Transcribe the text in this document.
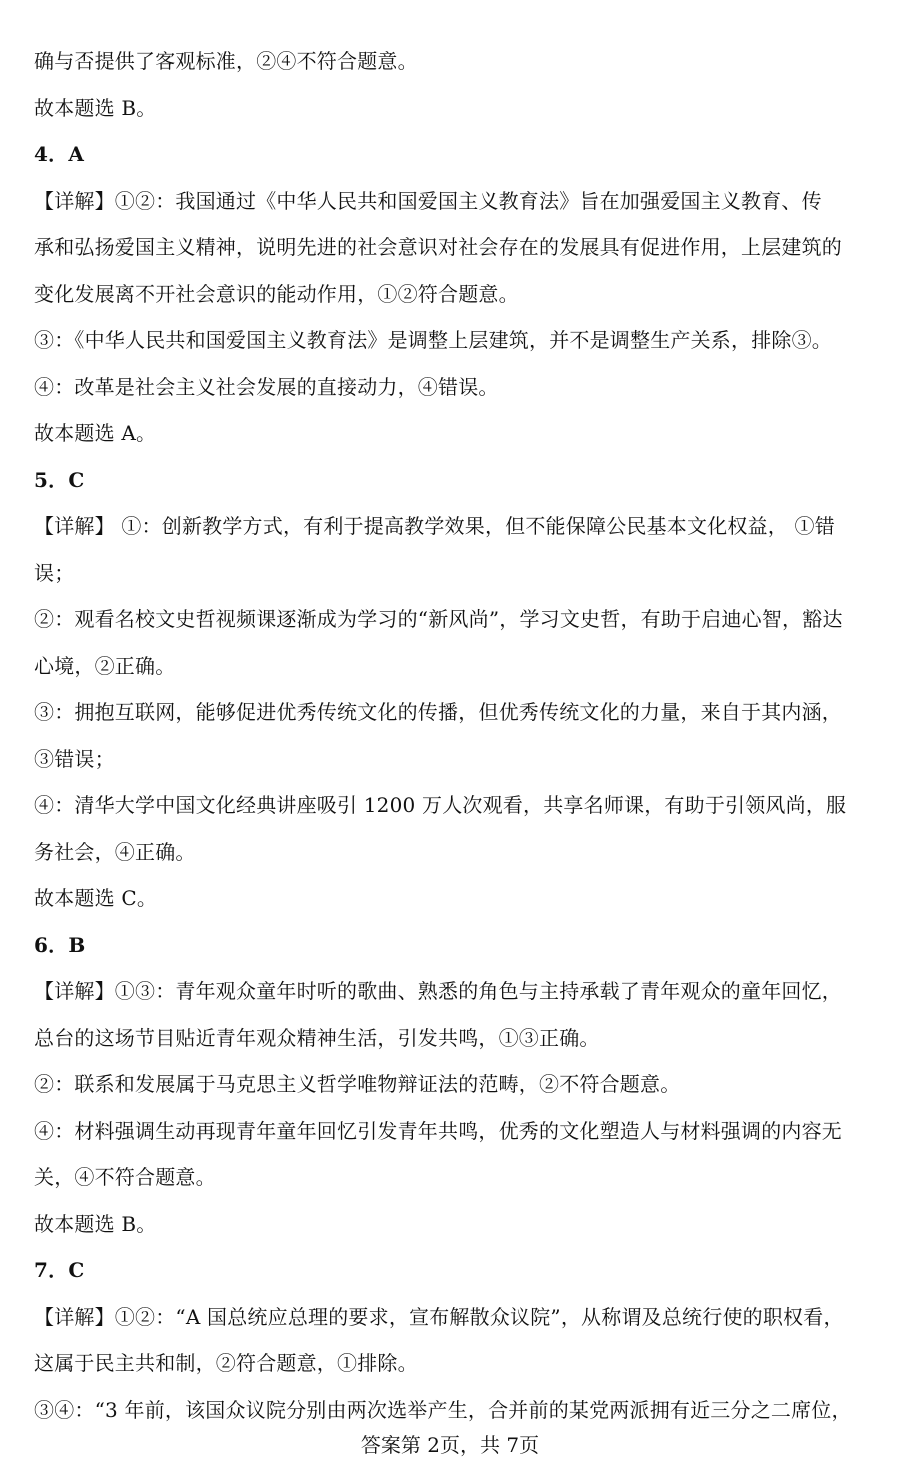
确与否提供了客观标准，②④不符合题意。
故本题选 B。
4．A
【详解】①②：我国通过《中华人民共和国爱国主义教育法》旨在加强爱国主义教育、传
承和弘扬爱国主义精神，说明先进的社会意识对社会存在的发展具有促进作用，上层建筑的
变化发展离不开社会意识的能动作用，①②符合题意。
③：《中华人民共和国爱国主义教育法》是调整上层建筑，并不是调整生产关系，排除③。
④：改革是社会主义社会发展的直接动力，④错误。
故本题选 A。
5．C
【详解】 ①：创新教学方式，有利于提高教学效果，但不能保障公民基本文化权益， ①错
误；
②：观看名校文史哲视频课逐渐成为学习的“新风尚”，学习文史哲，有助于启迪心智，豁达
心境，②正确。
③：拥抱互联网，能够促进优秀传统文化的传播，但优秀传统文化的力量，来自于其内涵，
③错误；
④：清华大学中国文化经典讲座吸引 1200 万人次观看，共享名师课，有助于引领风尚，服
务社会，④正确。
故本题选 C。
6．B
【详解】①③：青年观众童年时听的歌曲、熟悉的角色与主持承载了青年观众的童年回忆，
总台的这场节目贴近青年观众精神生活，引发共鸣，①③正确。
②：联系和发展属于马克思主义哲学唯物辩证法的范畴，②不符合题意。
④：材料强调生动再现青年童年回忆引发青年共鸣，优秀的文化塑造人与材料强调的内容无
关，④不符合题意。
故本题选 B。
7．C
【详解】①②：“A 国总统应总理的要求，宣布解散众议院”，从称谓及总统行使的职权看，
这属于民主共和制，②符合题意，①排除。
③④：“3 年前，该国众议院分别由两次选举产生，合并前的某党两派拥有近三分之二席位，
答案第 2页，共 7页
